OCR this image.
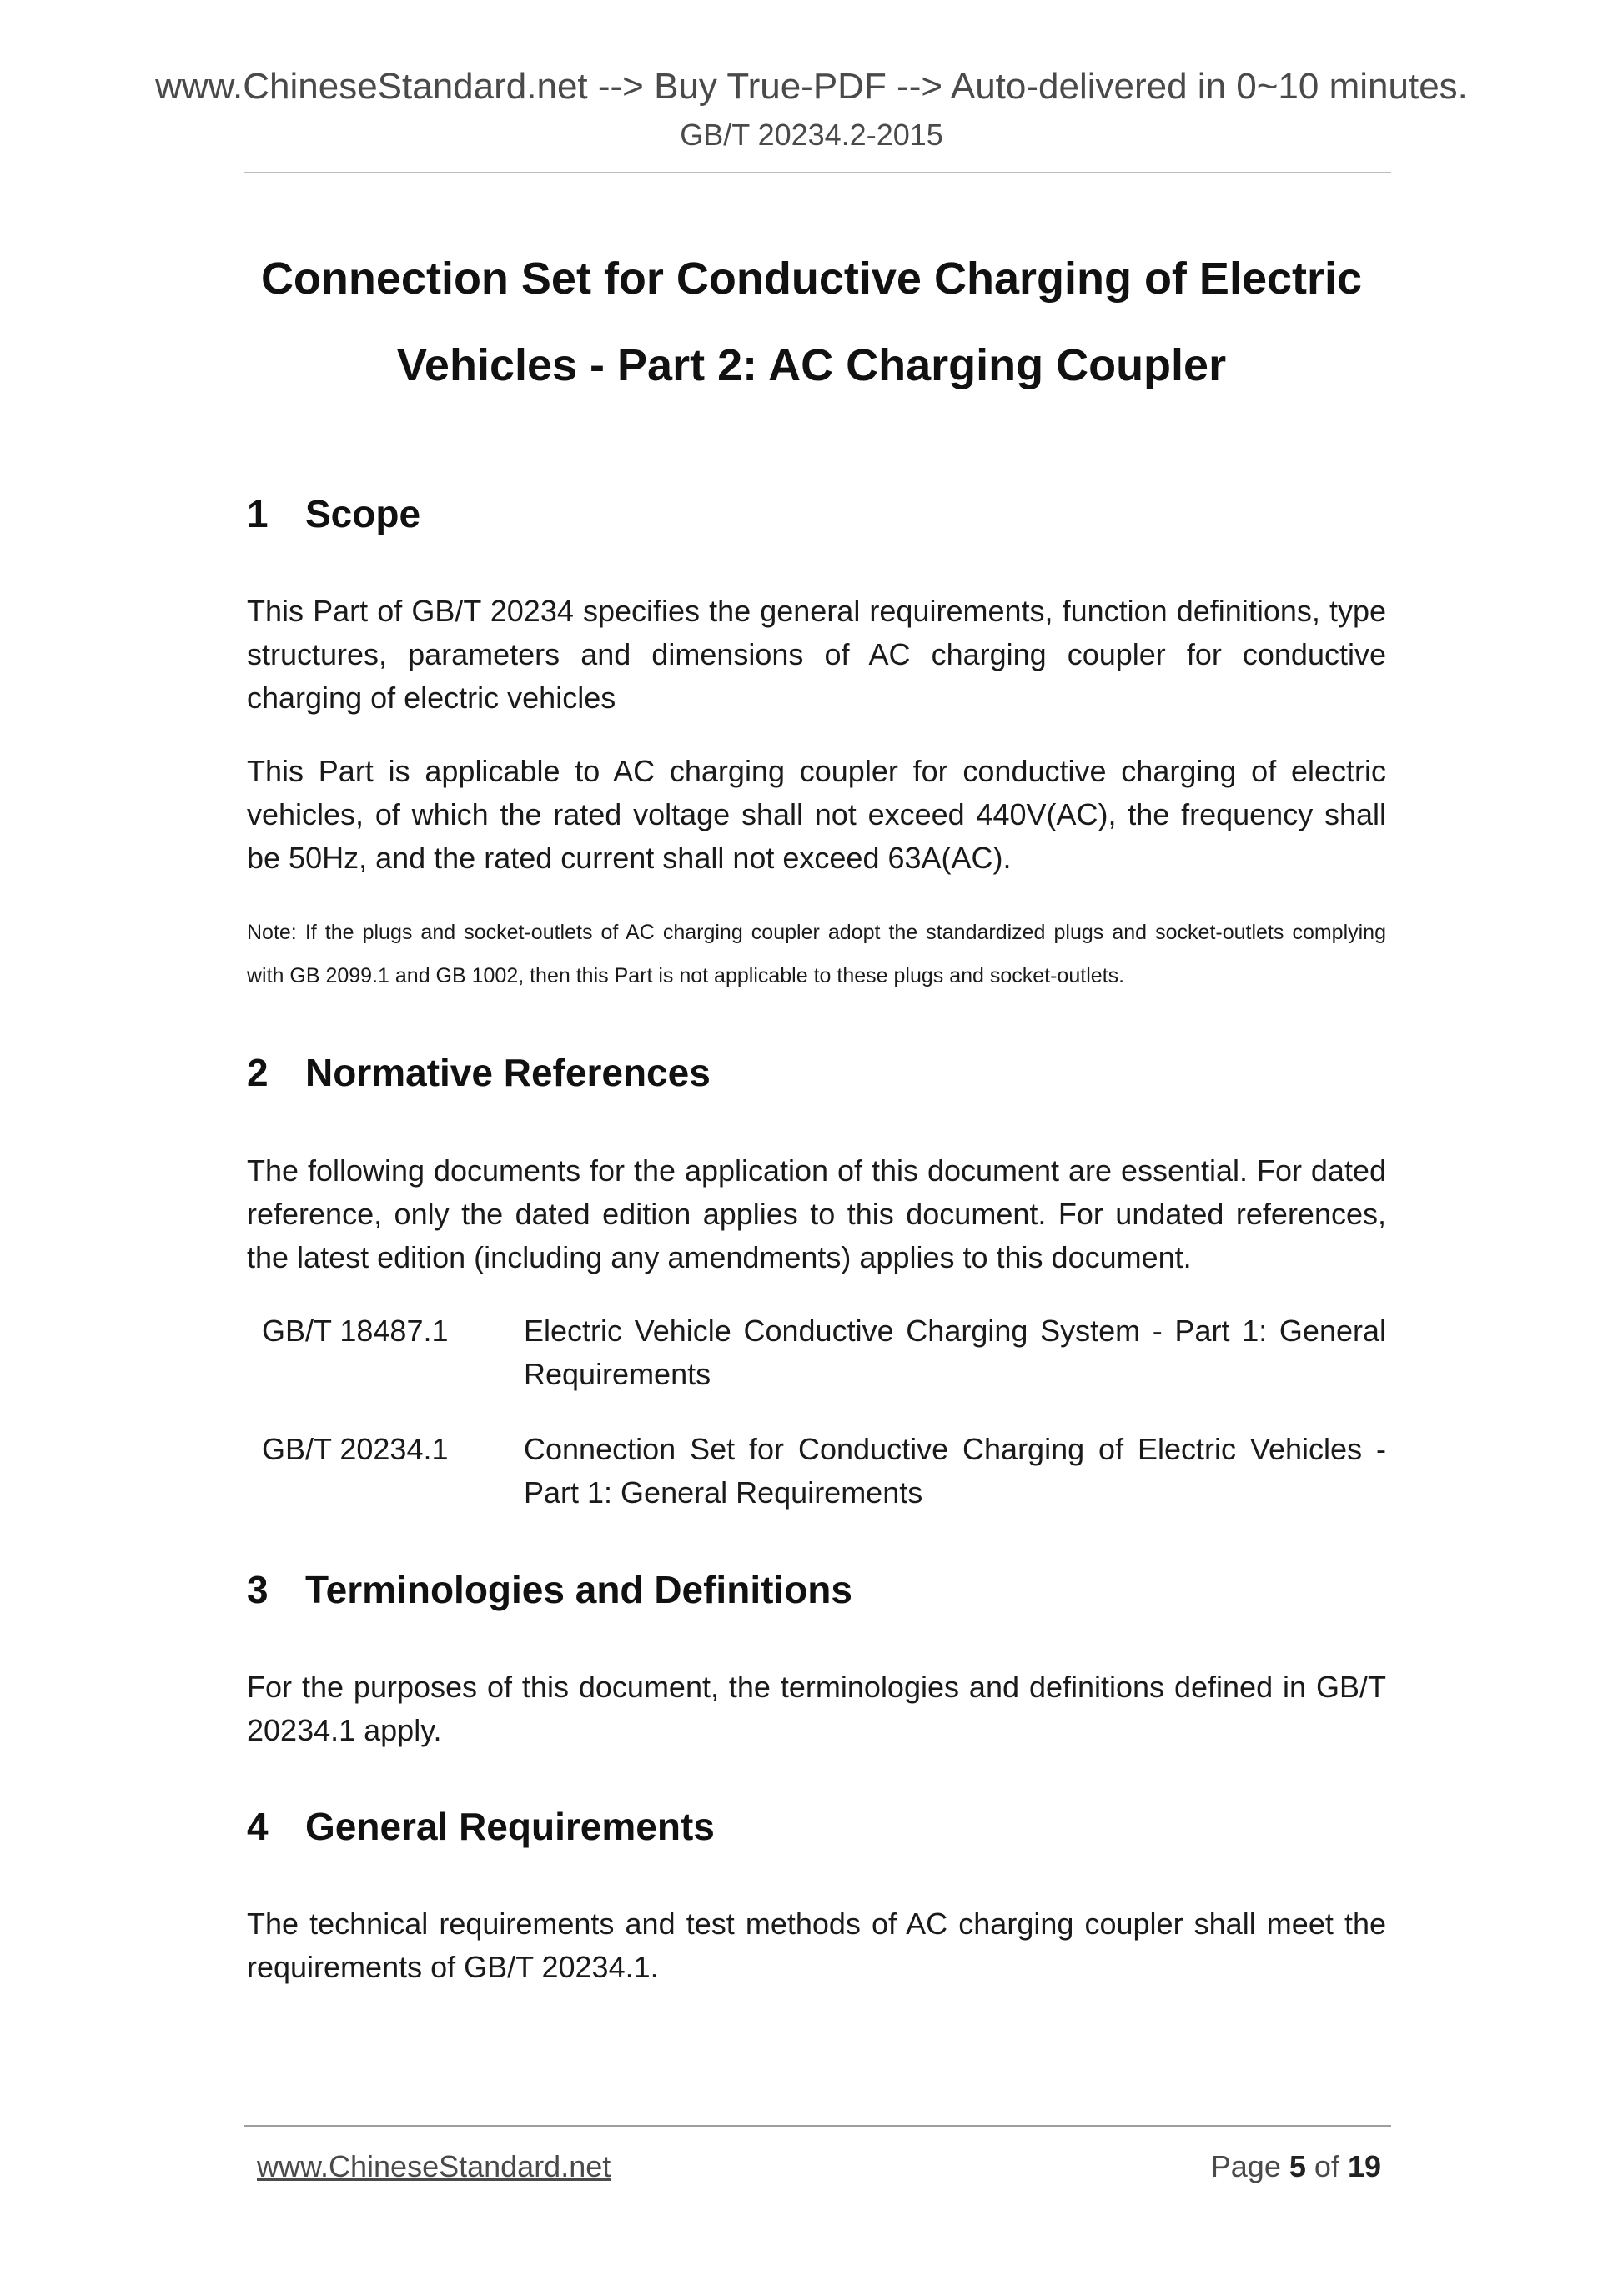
www.ChineseStandard.net --> Buy True-PDF --> Auto-delivered in 0~10 minutes.
GB/T 20234.2-2015
Connection Set for Conductive Charging of Electric
Vehicles - Part 2: AC Charging Coupler
1 Scope
This Part of GB/T 20234 specifies the general requirements, function definitions, type structures, parameters and dimensions of AC charging coupler for conductive charging of electric vehicles
This Part is applicable to AC charging coupler for conductive charging of electric vehicles, of which the rated voltage shall not exceed 440V(AC), the frequency shall be 50Hz, and the rated current shall not exceed 63A(AC).
Note: If the plugs and socket-outlets of AC charging coupler adopt the standardized plugs and socket-outlets complying with GB 2099.1 and GB 1002, then this Part is not applicable to these plugs and socket-outlets.
2 Normative References
The following documents for the application of this document are essential. For dated reference, only the dated edition applies to this document. For undated references, the latest edition (including any amendments) applies to this document.
GB/T 18487.1	Electric Vehicle Conductive Charging System - Part 1: General Requirements
GB/T 20234.1	Connection Set for Conductive Charging of Electric Vehicles - Part 1: General Requirements
3 Terminologies and Definitions
For the purposes of this document, the terminologies and definitions defined in GB/T 20234.1 apply.
4 General Requirements
The technical requirements and test methods of AC charging coupler shall meet the requirements of GB/T 20234.1.
www.ChineseStandard.net	Page 5 of 19
